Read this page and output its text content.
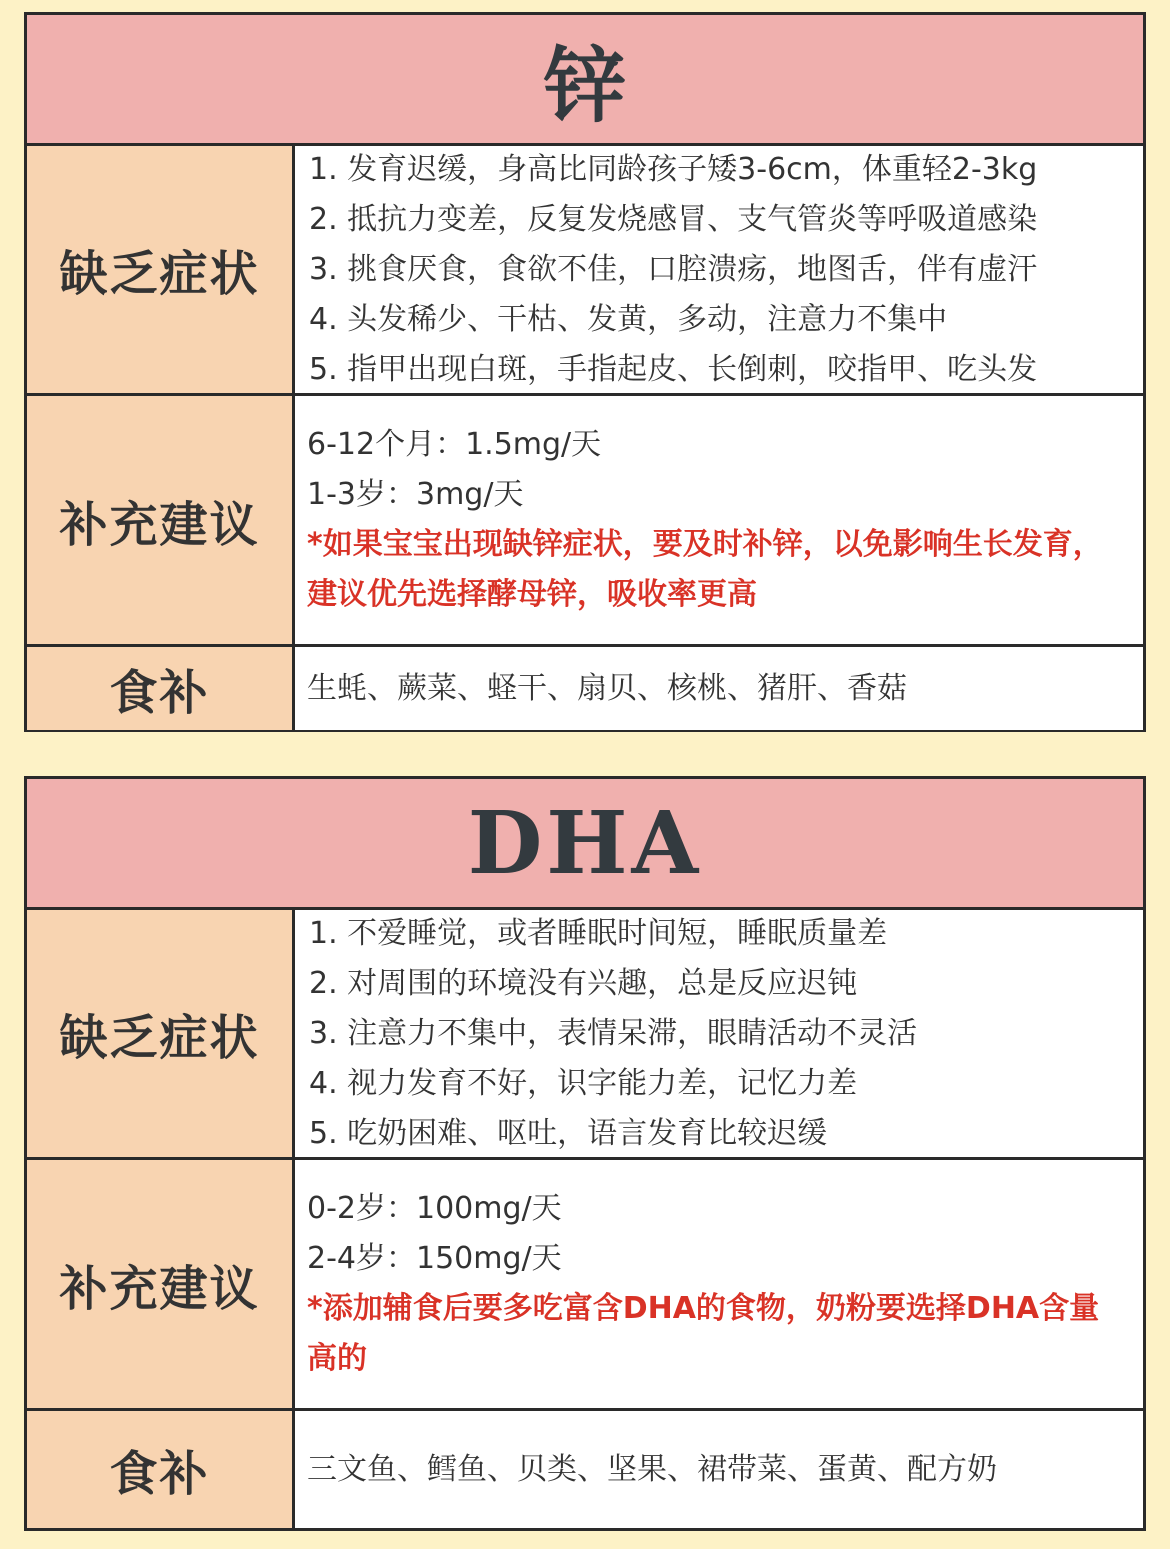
锌
缺乏症状
1. 发育迟缓，身高比同龄孩子矮3-6cm，体重轻2-3kg
2. 抵抗力变差，反复发烧感冒、支气管炎等呼吸道感染
3. 挑食厌食，食欲不佳，口腔溃疡，地图舌，伴有虚汗
4. 头发稀少、干枯、发黄，多动，注意力不集中
5. 指甲出现白斑，手指起皮、长倒刺，咬指甲、吃头发
补充建议
6-12个月：1.5mg/天
1-3岁：3mg/天
*如果宝宝出现缺锌症状，要及时补锌，以免影响生长发育，建议优先选择酵母锌，吸收率更高
食补	生蚝、蕨菜、蛏干、扇贝、核桃、猪肝、香菇
DHA
缺乏症状
1. 不爱睡觉，或者睡眠时间短，睡眠质量差
2. 对周围的环境没有兴趣，总是反应迟钝
3. 注意力不集中，表情呆滞，眼睛活动不灵活
4. 视力发育不好，识字能力差，记忆力差
5. 吃奶困难、呕吐，语言发育比较迟缓
补充建议
0-2岁：100mg/天
2-4岁：150mg/天
*添加辅食后要多吃富含DHA的食物，奶粉要选择DHA含量高的
食补	三文鱼、鳕鱼、贝类、坚果、裙带菜、蛋黄、配方奶
